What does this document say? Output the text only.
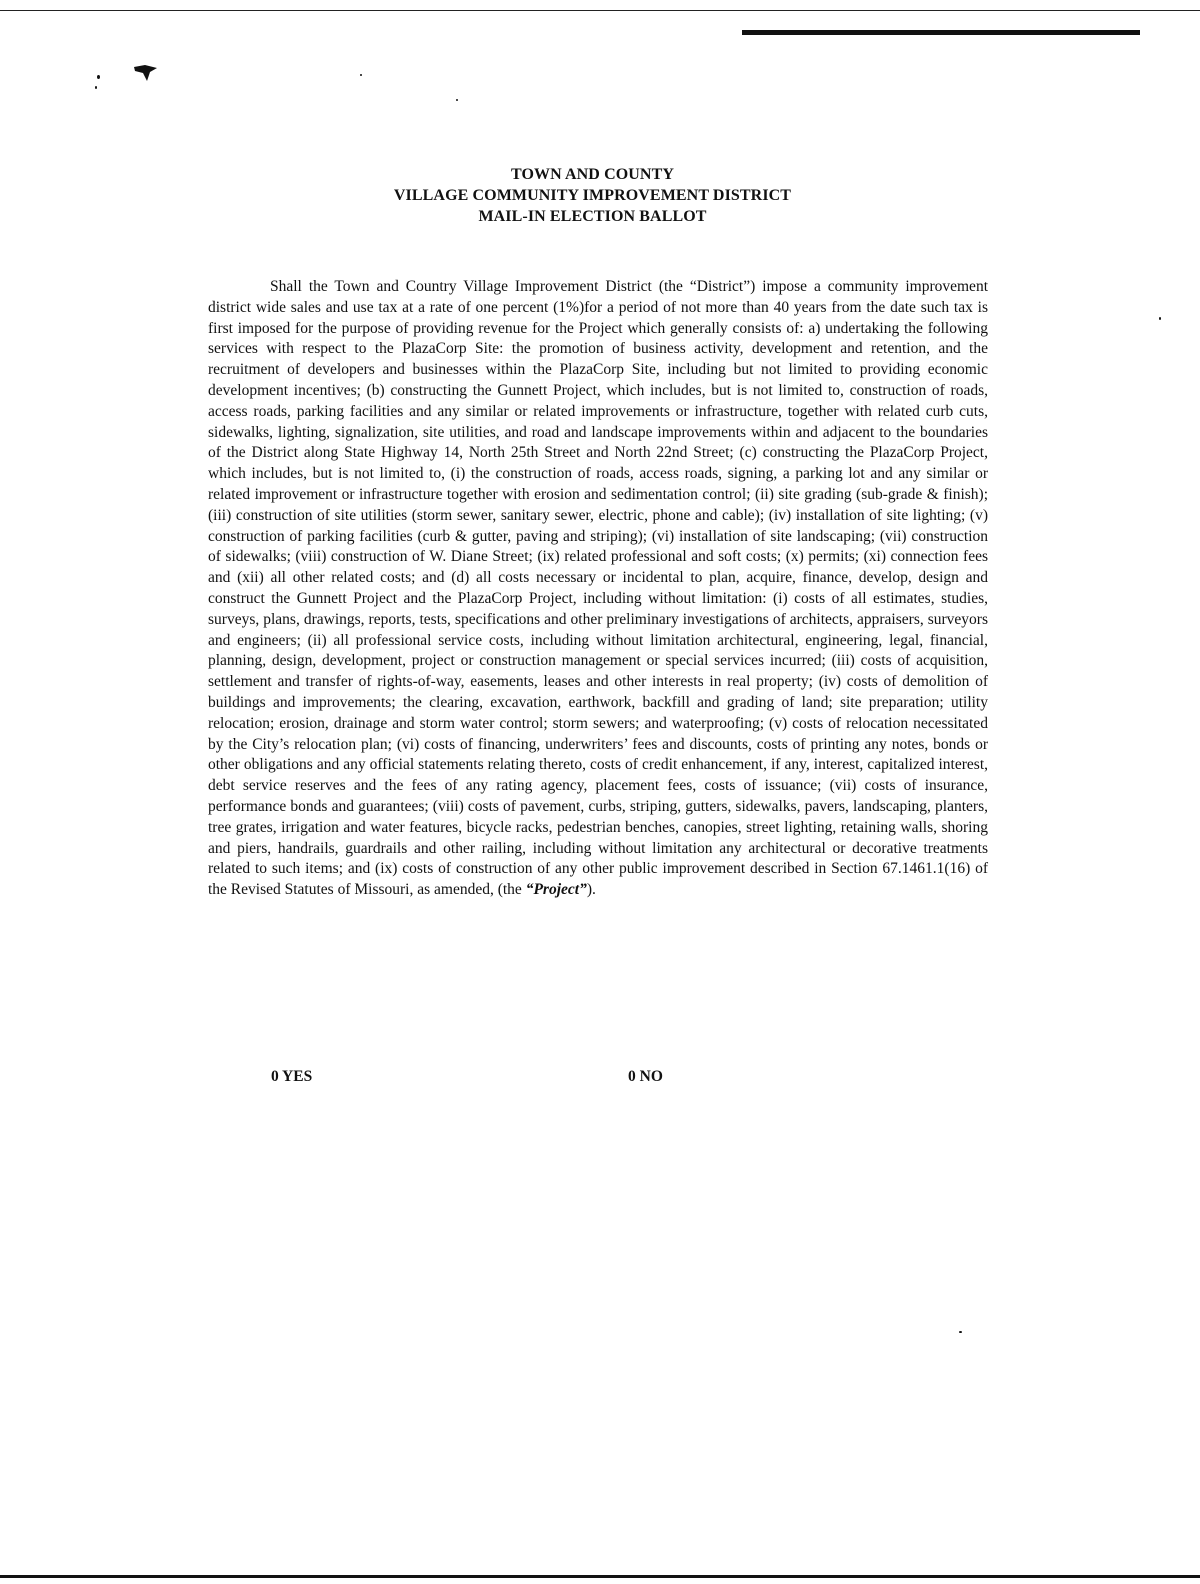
TOWN AND COUNTY
VILLAGE COMMUNITY IMPROVEMENT DISTRICT
MAIL-IN ELECTION BALLOT

Shall the Town and Country Village Improvement District (the “District”) impose a community improvement district wide sales and use tax at a rate of one percent (1%)for a period of not more than 40 years from the date such tax is first imposed for the purpose of providing revenue for the Project which generally consists of: a) undertaking the following services with respect to the PlazaCorp Site: the promotion of business activity, development and retention, and the recruitment of developers and businesses within the PlazaCorp Site, including but not limited to providing economic development incentives; (b) constructing the Gunnett Project, which includes, but is not limited to, construction of roads, access roads, parking facilities and any similar or related improvements or infrastructure, together with related curb cuts, sidewalks, lighting, signalization, site utilities, and road and landscape improvements within and adjacent to the boundaries of the District along State Highway 14, North 25th Street and North 22nd Street; (c) constructing the PlazaCorp Project, which includes, but is not limited to, (i) the construction of roads, access roads, signing, a parking lot and any similar or related improvement or infrastructure together with erosion and sedimentation control; (ii) site grading (sub-grade & finish); (iii) construction of site utilities (storm sewer, sanitary sewer, electric, phone and cable); (iv) installation of site lighting; (v) construction of parking facilities (curb & gutter, paving and striping); (vi) installation of site landscaping; (vii) construction of sidewalks; (viii) construction of W. Diane Street; (ix) related professional and soft costs; (x) permits; (xi) connection fees and (xii) all other related costs; and (d) all costs necessary or incidental to plan, acquire, finance, develop, design and construct the Gunnett Project and the PlazaCorp Project, including without limitation: (i) costs of all estimates, studies, surveys, plans, drawings, reports, tests, specifications and other preliminary investigations of architects, appraisers, surveyors and engineers; (ii) all professional service costs, including without limitation architectural, engineering, legal, financial, planning, design, development, project or construction management or special services incurred; (iii) costs of acquisition, settlement and transfer of rights-of-way, easements, leases and other interests in real property; (iv) costs of demolition of buildings and improvements; the clearing, excavation, earthwork, backfill and grading of land; site preparation; utility relocation; erosion, drainage and storm water control; storm sewers; and waterproofing; (v) costs of relocation necessitated by the City’s relocation plan; (vi) costs of financing, underwriters’ fees and discounts, costs of printing any notes, bonds or other obligations and any official statements relating thereto, costs of credit enhancement, if any, interest, capitalized interest, debt service reserves and the fees of any rating agency, placement fees, costs of issuance; (vii) costs of insurance, performance bonds and guarantees; (viii) costs of pavement, curbs, striping, gutters, sidewalks, pavers, landscaping, planters, tree grates, irrigation and water features, bicycle racks, pedestrian benches, canopies, street lighting, retaining walls, shoring and piers, handrails, guardrails and other railing, including without limitation any architectural or decorative treatments related to such items; and (ix) costs of construction of any other public improvement described in Section 67.1461.1(16) of the Revised Statutes of Missouri, as amended, (the “Project”).

0 YES	0 NO
